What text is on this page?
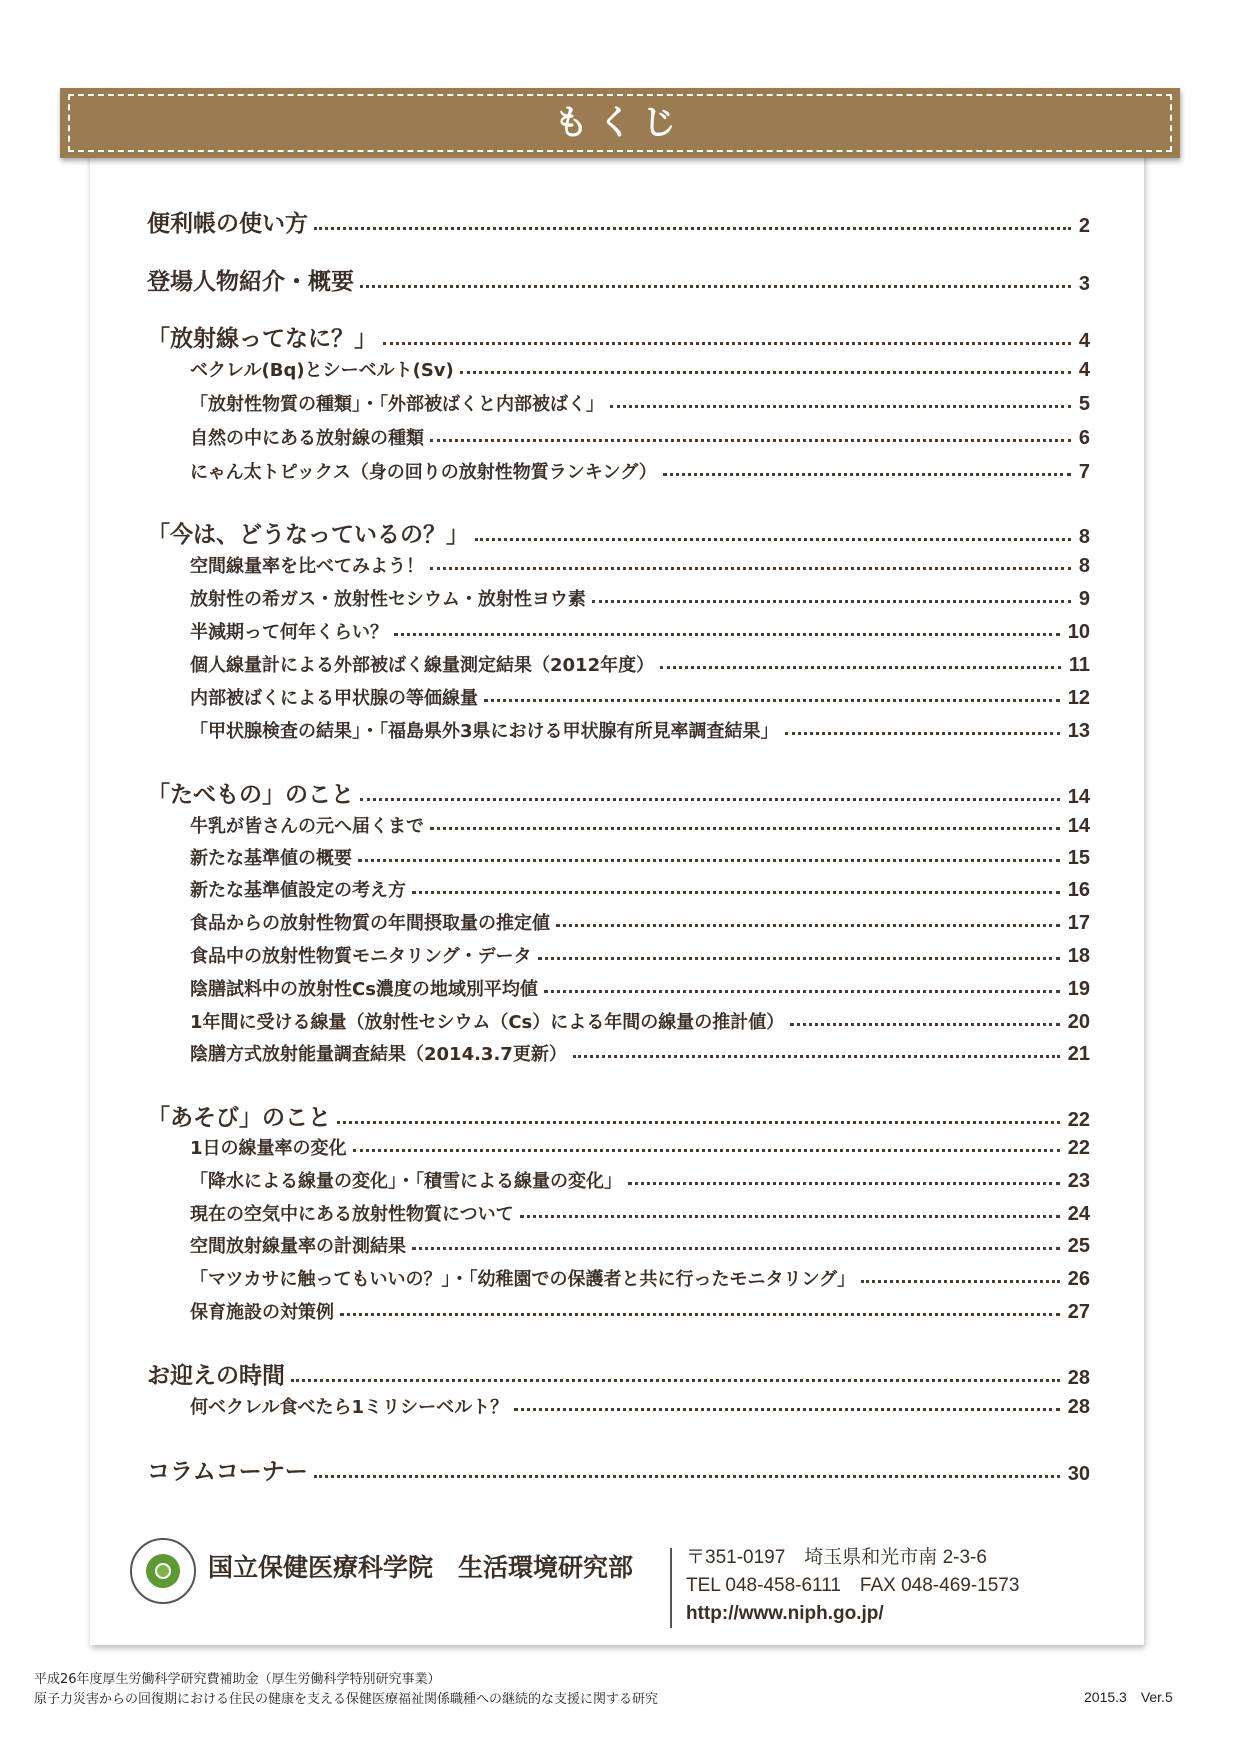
もくじ
便利帳の使い方	2
登場人物紹介・概要	3
「放射線ってなに？」	4
ベクレル(Bq)とシーベルト(Sv)	4
「放射性物質の種類」・「外部被ばくと内部被ばく」	5
自然の中にある放射線の種類	6
にゃん太トピックス（身の回りの放射性物質ランキング）	7
「今は、どうなっているの？」	8
空間線量率を比べてみよう！	8
放射性の希ガス・放射性セシウム・放射性ヨウ素	9
半減期って何年くらい？	10
個人線量計による外部被ばく線量測定結果（2012年度）	11
内部被ばくによる甲状腺の等価線量	12
「甲状腺検査の結果」・「福島県外3県における甲状腺有所見率調査結果」	13
「たべもの」のこと	14
牛乳が皆さんの元へ届くまで	14
新たな基準値の概要	15
新たな基準値設定の考え方	16
食品からの放射性物質の年間摂取量の推定値	17
食品中の放射性物質モニタリング・データ	18
陰膳試料中の放射性Cs濃度の地域別平均値	19
1年間に受ける線量（放射性セシウム（Cs）による年間の線量の推計値）	20
陰膳方式放射能量調査結果（2014.3.7更新）	21
「あそび」のこと	22
1日の線量率の変化	22
「降水による線量の変化」・「積雪による線量の変化」	23
現在の空気中にある放射性物質について	24
空間放射線量率の計測結果	25
「マツカサに触ってもいいの？」・「幼稚園での保護者と共に行ったモニタリング」	26
保育施設の対策例	27
お迎えの時間	28
何ベクレル食べたら1ミリシーベルト？	28
コラムコーナー	30
国立保健医療科学院　生活環境研究部	〒351-0197　埼玉県和光市南 2-3-6
TEL 048-458-6111　FAX 048-469-1573
http://www.niph.go.jp/
平成26年度厚生労働科学研究費補助金（厚生労働科学特別研究事業）
原子力災害からの回復期における住民の健康を支える保健医療福祉関係職種への継続的な支援に関する研究	2015.3　Ver.5
